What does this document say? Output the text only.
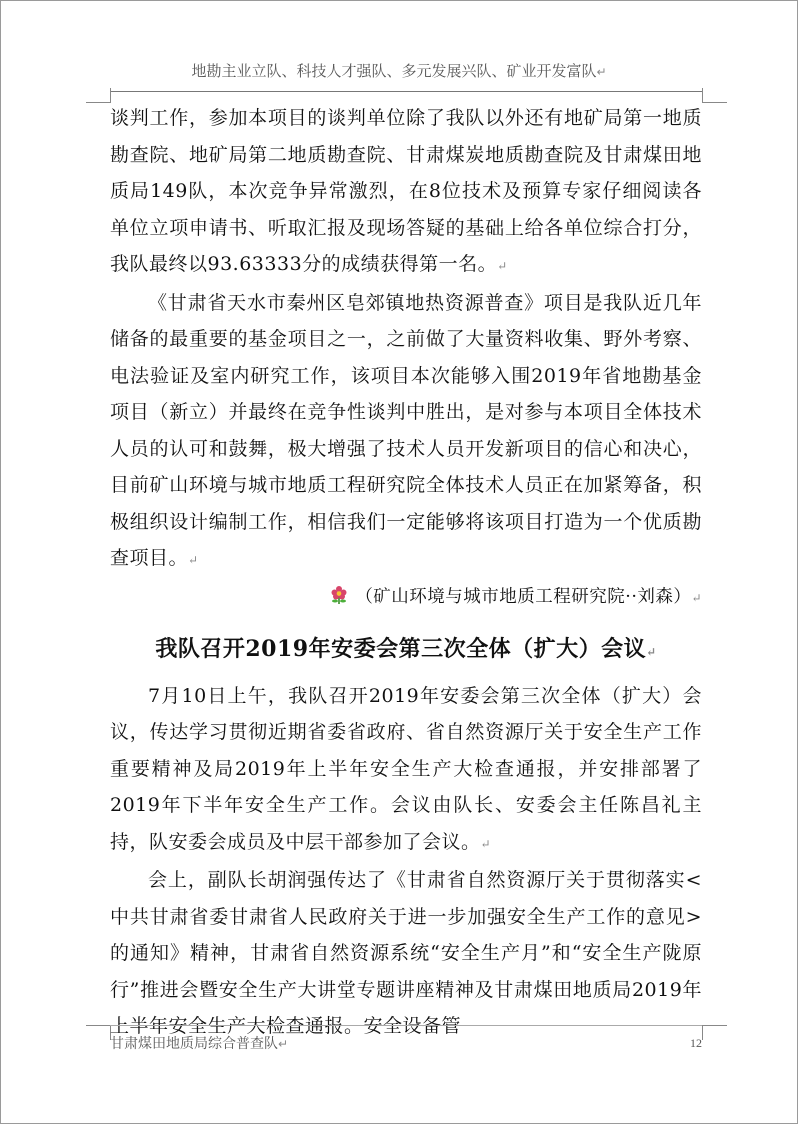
地勘主业立队、科技人才强队、多元发展兴队、矿业开发富队↵

谈判工作，参加本项目的谈判单位除了我队以外还有地矿局第一地质勘查院、地矿局第二地质勘查院、甘肃煤炭地质勘查院及甘肃煤田地质局149队，本次竞争异常激烈，在8位技术及预算专家仔细阅读各单位立项申请书、听取汇报及现场答疑的基础上给各单位综合打分，我队最终以93.63333分的成绩获得第一名。↵

《甘肃省天水市秦州区皂郊镇地热资源普查》项目是我队近几年储备的最重要的基金项目之一，之前做了大量资料收集、野外考察、电法验证及室内研究工作，该项目本次能够入围2019年省地勘基金项目（新立）并最终在竞争性谈判中胜出，是对参与本项目全体技术人员的认可和鼓舞，极大增强了技术人员开发新项目的信心和决心，目前矿山环境与城市地质工程研究院全体技术人员正在加紧筹备，积极组织设计编制工作，相信我们一定能够将该项目打造为一个优质勘查项目。↵

（矿山环境与城市地质工程研究院··刘森）↵

我队召开2019年安委会第三次全体（扩大）会议↵

7月10日上午，我队召开2019年安委会第三次全体（扩大）会议，传达学习贯彻近期省委省政府、省自然资源厅关于安全生产工作重要精神及局2019年上半年安全生产大检查通报，并安排部署了2019年下半年安全生产工作。会议由队长、安委会主任陈昌礼主持，队安委会成员及中层干部参加了会议。↵

会上，副队长胡润强传达了《甘肃省自然资源厅关于贯彻落实<中共甘肃省委甘肃省人民政府关于进一步加强安全生产工作的意见>的通知》精神，甘肃省自然资源系统“安全生产月”和“安全生产陇原行”推进会暨安全生产大讲堂专题讲座精神及甘肃煤田地质局2019年上半年安全生产大检查通报。安全设备管

甘肃煤田地质局综合普查队↵	12
